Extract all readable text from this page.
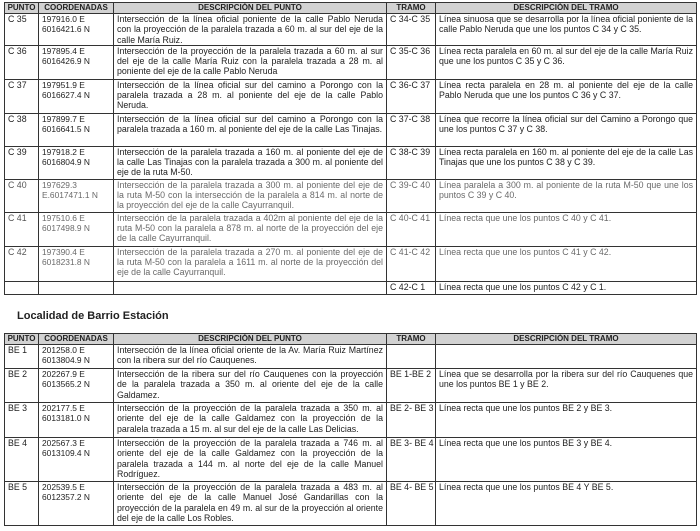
PUNTO	COORDENADAS	DESCRIPCIÓN DEL PUNTO	TRAMO	DESCRIPCIÓN DEL TRAMO
C 35	197916.0 E
6016421.6 N	Intersección de la línea oficial poniente de la calle Pablo Neruda con la proyección de la paralela trazada a 60 m. al sur del eje de la calle María Ruiz.	C 34-C 35	Línea sinuosa que se desarrolla por la línea oficial poniente de la calle Pablo Neruda que une los puntos C 34 y C 35.
C 36	197895.4 E
6016426.9 N	Intersección de la proyección de la paralela trazada a 60 m. al sur del eje de la calle María Ruiz con la paralela trazada a 28 m. al poniente del eje de la calle Pablo Neruda	C 35-C 36	Línea recta paralela en 60 m. al sur del eje de la calle María Ruiz que une los puntos C 35 y C 36.
C 37	197951.9 E
6016627.4 N	Intersección de la línea oficial sur del camino a Porongo con la paralela trazada a 28 m. al poniente del eje de la calle Pablo Neruda.	C 36-C 37	Línea recta paralela en 28 m. al poniente del eje de la calle Pablo Neruda que une los puntos C 36 y C 37.
C 38	197899.7 E
6016641.5 N	Intersección de la línea oficial sur del camino a Porongo con la paralela trazada a 160 m. al poniente del eje de la calle Las Tinajas.	C 37-C 38	Línea que recorre la línea oficial sur del Camino a Porongo que une los puntos C 37 y C 38.
C 39	197918.2 E
6016804.9 N	Intersección de la paralela trazada a 160 m. al poniente del eje de la calle Las Tinajas con la paralela trazada a 300 m. al poniente del eje de la ruta M-50.	C 38-C 39	Línea recta paralela en 160 m. al poniente del eje de la calle Las Tinajas que une los puntos C 38 y C 39.
C 40	197629.3
E.6017471.1 N	Intersección de la paralela trazada a 300 m. al poniente del eje de la ruta M-50 con la intersección de la paralela a 814 m. al norte de la proyección del eje de la calle Cayurranquil.	C 39-C 40	Línea paralela a 300 m. al poniente de la ruta M-50 que une los puntos C 39 y C 40.
C 41	197510.6 E
6017498.9 N	Intersección de la paralela trazada a 402m al poniente del eje de la ruta M-50 con la paralela a 878 m. al norte de la proyección del eje de la calle Cayurranquil.	C 40-C 41	Línea recta que une los puntos C 40 y C 41.
C 42	197390.4 E
6018231.8 N	Intersección de la paralela trazada a 270 m. al poniente del eje de la ruta M-50 con la paralela a 1611 m. al norte de la proyección del eje de la calle Cayurranquil.	C 41-C 42	Línea recta que une los puntos C 41 y C 42.
			C 42-C 1	Línea recta que une los puntos C 42 y C 1.
Localidad de Barrio Estación
PUNTO	COORDENADAS	DESCRIPCIÓN DEL PUNTO	TRAMO	DESCRIPCIÓN DEL TRAMO
BE 1	201258.0 E
6013804.9 N	Intersección de la línea oficial oriente de la Av. María Ruiz Martínez con la ribera sur del río Cauquenes.		
BE 2	202267.9 E
6013565.2 N	Intersección de la ribera sur del río Cauquenes con la proyección de la paralela trazada a 350 m. al oriente del eje de la calle Galdamez.	BE 1-BE 2	Línea que se desarrolla por la ribera sur del río Cauquenes que une los puntos BE 1 y BE 2.
BE 3	202177.5 E
6013181.0 N	Intersección de la proyección de la paralela trazada a 350 m. al oriente del eje de la calle Galdamez con la proyección de la paralela trazada a 15 m. al sur del eje de la calle Las Delicias.	BE 2- BE 3	Línea recta que une los puntos BE 2 y BE 3.
BE 4	202567.3 E
6013109.4 N	Intersección de la proyección de la paralela trazada a 746 m. al oriente del eje de la calle Galdamez con la proyección de la paralela trazada a 144 m. al norte del eje de la calle Manuel Rodríguez.	BE 3- BE 4	Línea recta que une los puntos BE 3 y BE 4.
BE 5	202539.5 E
6012357.2 N	Intersección de la proyección de la paralela trazada a 483 m. al oriente del eje de la calle Manuel José Gandarillas con la proyección de la paralela en 49 m. al sur de la proyección al oriente del eje de la calle Los Robles.	BE 4- BE 5	Línea recta que une los puntos BE 4 Y BE 5.
